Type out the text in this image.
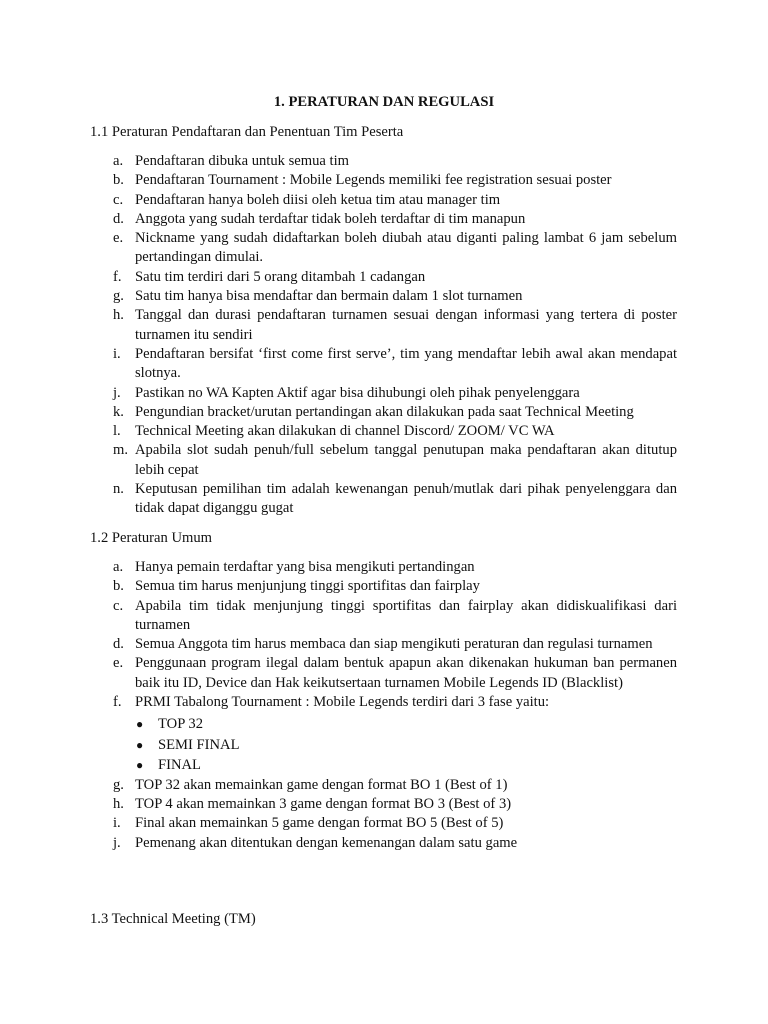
1. PERATURAN DAN REGULASI

1.1 Peraturan Pendaftaran dan Penentuan Tim Peserta

a. Pendaftaran dibuka untuk semua tim
b. Pendaftaran Tournament : Mobile Legends memiliki fee registration sesuai poster
c. Pendaftaran hanya boleh diisi oleh ketua tim atau manager tim
d. Anggota yang sudah terdaftar tidak boleh terdaftar di tim manapun
e. Nickname yang sudah didaftarkan boleh diubah atau diganti paling lambat 6 jam sebelum pertandingan dimulai.
f. Satu tim terdiri dari 5 orang ditambah 1 cadangan
g. Satu tim hanya bisa mendaftar dan bermain dalam 1 slot turnamen
h. Tanggal dan durasi pendaftaran turnamen sesuai dengan informasi yang tertera di poster turnamen itu sendiri
i. Pendaftaran bersifat ‘first come first serve’, tim yang mendaftar lebih awal akan mendapat slotnya.
j. Pastikan no WA Kapten Aktif agar bisa dihubungi oleh pihak penyelenggara
k. Pengundian bracket/urutan pertandingan akan dilakukan pada saat Technical Meeting
l. Technical Meeting akan dilakukan di channel Discord/ ZOOM/ VC WA
m. Apabila slot sudah penuh/full sebelum tanggal penutupan maka pendaftaran akan ditutup lebih cepat
n. Keputusan pemilihan tim adalah kewenangan penuh/mutlak dari pihak penyelenggara dan tidak dapat diganggu gugat

1.2 Peraturan Umum

a. Hanya pemain terdaftar yang bisa mengikuti pertandingan
b. Semua tim harus menjunjung tinggi sportifitas dan fairplay
c. Apabila tim tidak menjunjung tinggi sportifitas dan fairplay akan didiskualifikasi dari turnamen
d. Semua Anggota tim harus membaca dan siap mengikuti peraturan dan regulasi turnamen
e. Penggunaan program ilegal dalam bentuk apapun akan dikenakan hukuman ban permanen baik itu ID, Device dan Hak keikutsertaan turnamen Mobile Legends ID (Blacklist)
f. PRMI Tabalong Tournament : Mobile Legends terdiri dari 3 fase yaitu:
● TOP 32
● SEMI FINAL
● FINAL
g. TOP 32 akan memainkan game dengan format BO 1 (Best of 1)
h. TOP 4 akan memainkan 3 game dengan format BO 3 (Best of 3)
i. Final akan memainkan 5 game dengan format BO 5 (Best of 5)
j. Pemenang akan ditentukan dengan kemenangan dalam satu game

1.3 Technical Meeting (TM)
